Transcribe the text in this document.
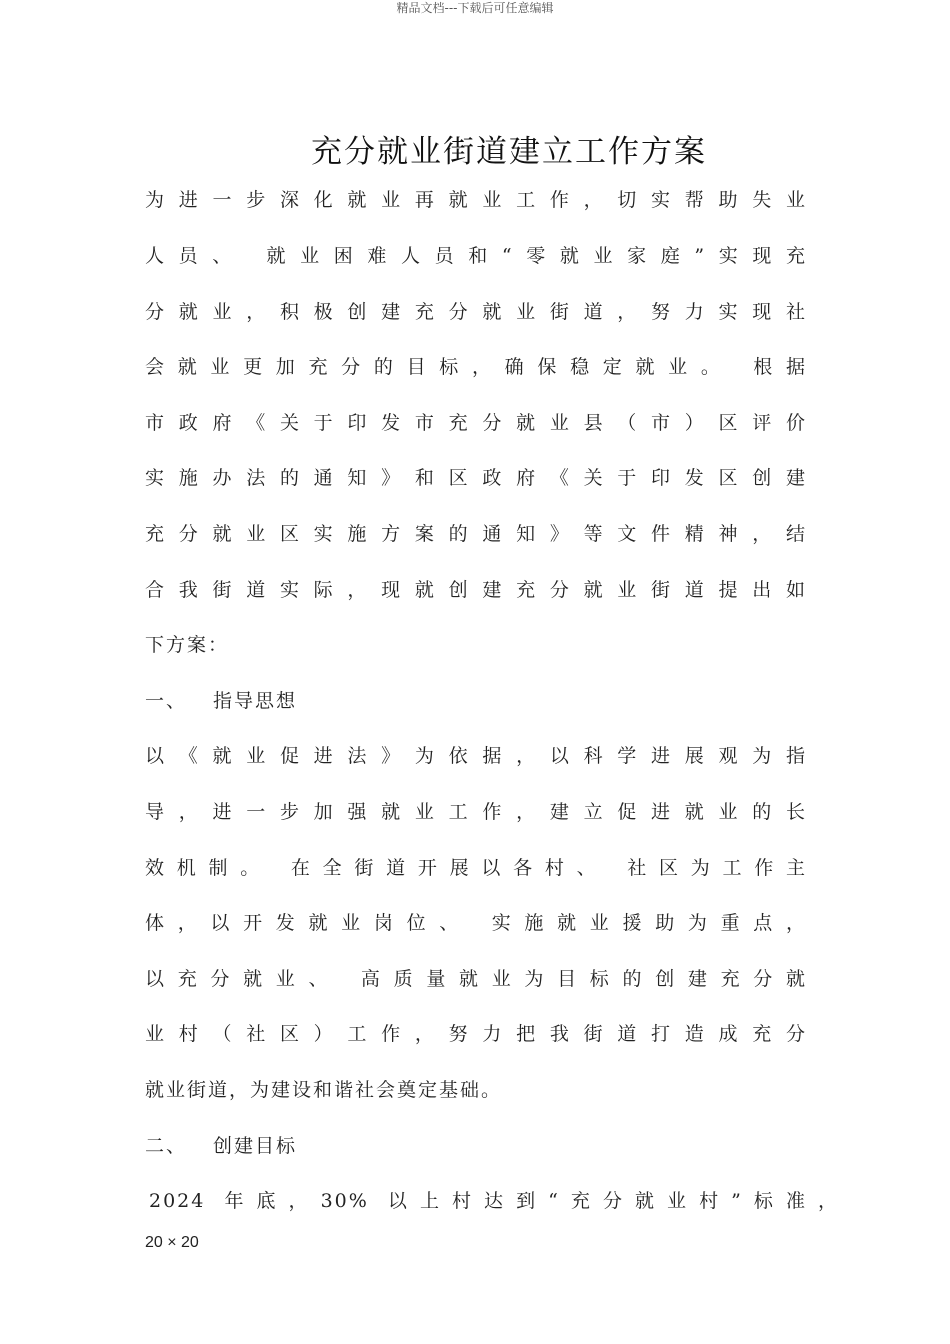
精品文档---下载后可任意编辑
充分就业街道建立工作方案
为进一步深化就业再就业工作，切实帮助失业
人员、 就业困难人员和“零就业家庭”实现充
分就业，积极创建充分就业街道，努力实现社
会就业更加充分的目标，确保稳定就业。 根据
市政府《关于印发市充分就业县（市）区评价
实施办法的通知》和区政府《关于印发区创建
充分就业区实施方案的通知》等文件精神，结
合我街道实际，现就创建充分就业街道提出如
下方案：
一、 指导思想
以《就业促进法》为依据，以科学进展观为指
导，进一步加强就业工作，建立促进就业的长
效机制。 在全街道开展以各村、 社区为工作主
体，以开发就业岗位、 实施就业援助为重点，
以充分就业、 高质量就业为目标的创建充分就
业村（社区）工作，努力把我街道打造成充分
就业街道，为建设和谐社会奠定基础。
二、 创建目标
2024 年底，30% 以上村达到“充分就业村”标准，
20 × 20
